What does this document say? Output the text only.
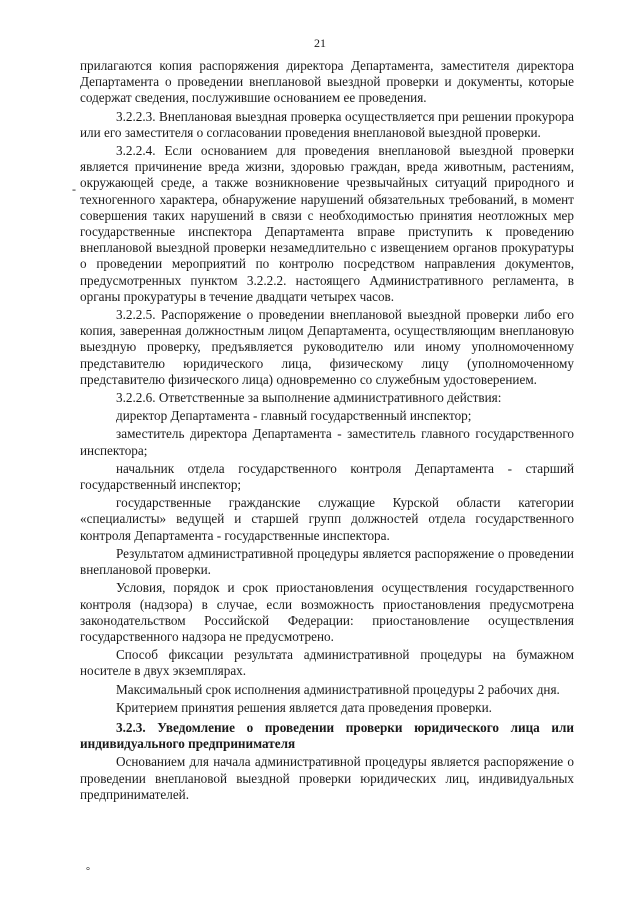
21
-

прилагаются копия распоряжения директора Департамента, заместителя директора Департамента о проведении внеплановой выездной проверки и документы, которые содержат сведения, послужившие основанием ее проведения.

3.2.2.3. Внеплановая выездная проверка осуществляется при решении прокурора или его заместителя о согласовании проведения внеплановой выездной проверки.

3.2.2.4. Если основанием для проведения внеплановой выездной проверки является причинение вреда жизни, здоровью граждан, вреда животным, растениям, окружающей среде, а также возникновение чрезвычайных ситуаций природного и техногенного характера, обнаружение нарушений обязательных требований, в момент совершения таких нарушений в связи с необходимостью принятия неотложных мер государственные инспектора Департамента вправе приступить к проведению внеплановой выездной проверки незамедлительно с извещением органов прокуратуры о проведении мероприятий по контролю посредством направления документов, предусмотренных пунктом 3.2.2.2. настоящего Административного регламента, в органы прокуратуры в течение двадцати четырех часов.

3.2.2.5. Распоряжение о проведении внеплановой выездной проверки либо его копия, заверенная должностным лицом Департамента, осуществляющим внеплановую выездную проверку, предъявляется руководителю или иному уполномоченному представителю юридического лица, физическому лицу (уполномоченному представителю физического лица) одновременно со служебным удостоверением.

3.2.2.6. Ответственные за выполнение административного действия:

директор Департамента - главный государственный инспектор;

заместитель директора Департамента - заместитель главного государственного инспектора;

начальник отдела государственного контроля Департамента - старший государственный инспектор;

государственные гражданские служащие Курской области категории «специалисты» ведущей и старшей групп должностей отдела государственного контроля Департамента - государственные инспектора.

Результатом административной процедуры является распоряжение о проведении внеплановой проверки.

Условия, порядок и срок приостановления осуществления государственного контроля (надзора) в случае, если возможность приостановления предусмотрена законодательством Российской Федерации: приостановление осуществления государственного надзора не предусмотрено.

Способ фиксации результата административной процедуры на бумажном носителе в двух экземплярах.

Максимальный срок исполнения административной процедуры 2 рабочих дня.

Критерием принятия решения является дата проведения проверки.

3.2.3. Уведомление о проведении проверки юридического лица или индивидуального предпринимателя

Основанием для начала административной процедуры является распоряжение о проведении внеплановой выездной проверки юридических лиц, индивидуальных предпринимателей.

°
